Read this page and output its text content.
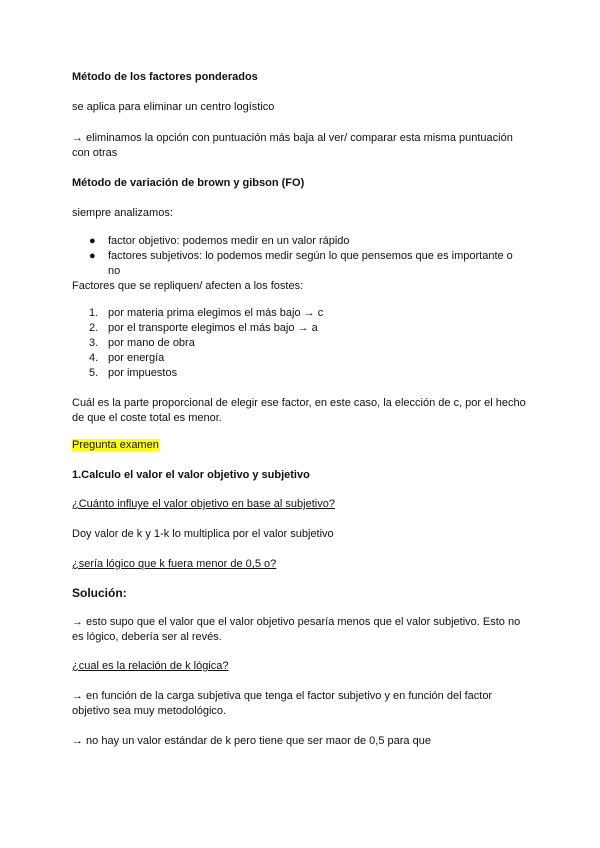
Método de los factores ponderados

se aplica para eliminar un centro logístico

→ eliminamos la opción con puntuación más baja al ver/ comparar esta misma puntuación con otras

Método de variación de brown y gibson (FO)

siempre analizamos:

● factor objetivo: podemos medir en un valor rápido
● factores subjetivos: lo podemos medir según lo que pensemos que es importante o no

Factores que se repliquen/ afecten a los fostes:

1. por materia prima elegimos el más bajo → c
2. por el transporte elegimos el más bajo → a
3. por mano de obra
4. por energía
5. por impuestos

Cuál es la parte proporcional de elegir ese factor, en este caso, la elección de c, por el hecho de que el coste total es menor.

Pregunta examen

1.Calculo el valor el valor objetivo y subjetivo

¿Cuánto influye el valor objetivo en base al subjetivo?

Doy valor de k y 1-k lo multiplica por el valor subjetivo

¿sería lógico que k fuera menor de 0,5 o?

Solución:

→ esto supo que el valor que el valor objetivo pesaría menos que el valor subjetivo. Esto no es lógico, debería ser al revés.

¿cual es la relación de k lógica?

→ en función de la carga subjetiva que tenga el factor subjetivo y en función del factor objetivo sea muy metodológico.

→ no hay un valor estándar de k pero tiene que ser maor de 0,5 para que
